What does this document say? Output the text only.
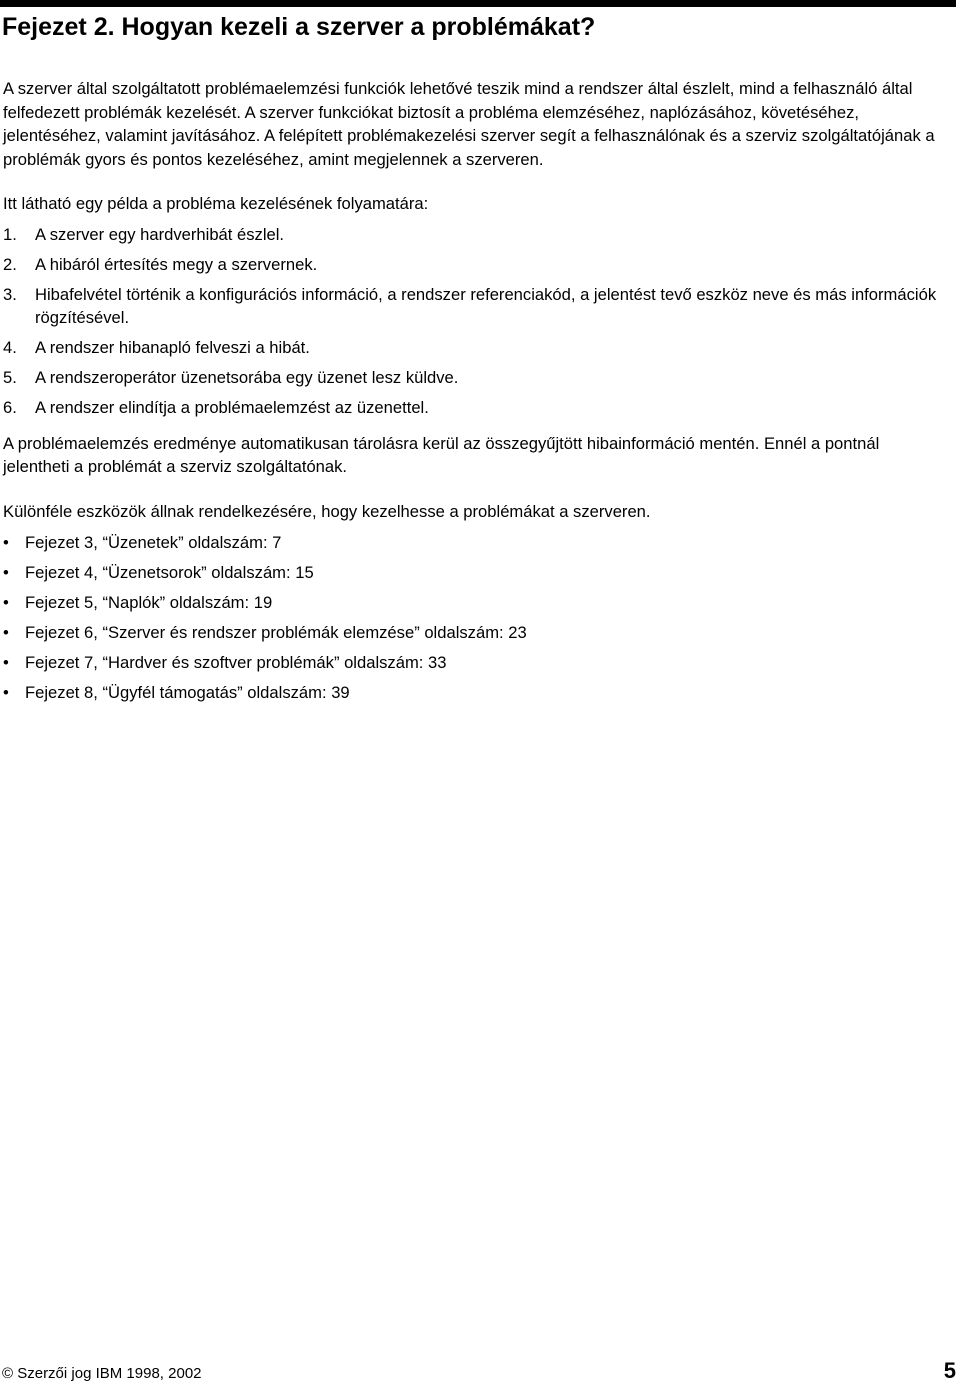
Fejezet 2. Hogyan kezeli a szerver a problémákat?

A szerver által szolgáltatott problémaelemzési funkciók lehetővé teszik mind a rendszer által észlelt, mind a felhasználó által felfedezett problémák kezelését. A szerver funkciókat biztosít a probléma elemzéséhez, naplózásához, követéséhez, jelentéséhez, valamint javításához. A felépített problémakezelési szerver segít a felhasználónak és a szerviz szolgáltatójának a problémák gyors és pontos kezeléséhez, amint megjelennek a szerveren.

Itt látható egy példa a probléma kezelésének folyamatára:

1.	A szerver egy hardverhibát észlel.
2.	A hibáról értesítés megy a szervernek.
3.	Hibafelvétel történik a konfigurációs információ, a rendszer referenciakód, a jelentést tevő eszköz neve és más információk rögzítésével.
4.	A rendszer hibanapló felveszi a hibát.
5.	A rendszeroperátor üzenetsorába egy üzenet lesz küldve.
6.	A rendszer elindítja a problémaelemzést az üzenettel.

A problémaelemzés eredménye automatikusan tárolásra kerül az összegyűjtött hibainformáció mentén. Ennél a pontnál jelentheti a problémát a szerviz szolgáltatónak.

Különféle eszközök állnak rendelkezésére, hogy kezelhesse a problémákat a szerveren.

• Fejezet 3, “Üzenetek” oldalszám: 7
• Fejezet 4, “Üzenetsorok” oldalszám: 15
• Fejezet 5, “Naplók” oldalszám: 19
• Fejezet 6, “Szerver és rendszer problémák elemzése” oldalszám: 23
• Fejezet 7, “Hardver és szoftver problémák” oldalszám: 33
• Fejezet 8, “Ügyfél támogatás” oldalszám: 39
© Szerzői jog IBM 1998, 2002	5
